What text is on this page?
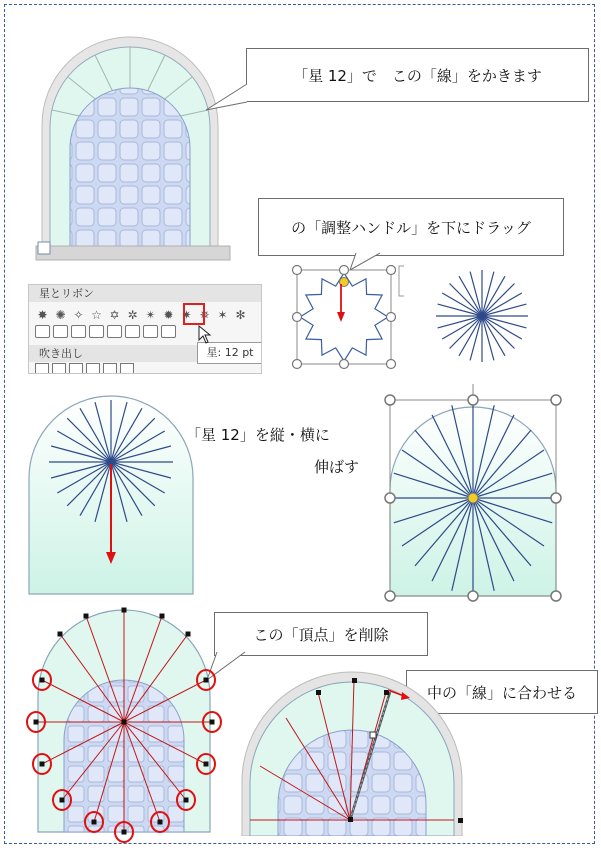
「星 12」で　この「線」をかきます
の「調整ハンドル」を下にドラッグ
星とリボン
✸ ✺ ✧ ☆ ✡ ✲ ✴ ✹ ✷ ✵ ✶ ✻
吹き出し	星: 12 pt
「星 12」を縦・横に
伸ばす
この「頂点」を削除
中の「線」に合わせる
